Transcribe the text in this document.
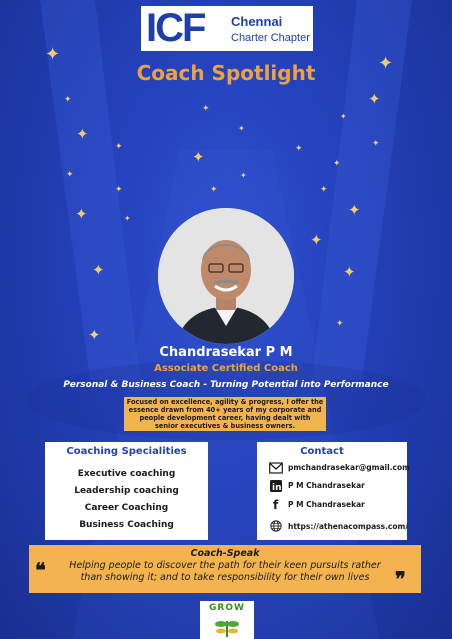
ICF Chennai
Charter Chapter
Coach Spotlight
✦	✦
✦	✦
✦
✦	✦
✦
✦	✦
✦	✦
✦
✦
✦
✦	✦
✦
✦	✦
✦
✦
✦	✦
✦
✦
Chandrasekar P M
Associate Certified Coach
Personal & Business Coach - Turning Potential into Performance
Focused on excellence, agility & progress, I offer the
essence drawn from 40+ years of my corporate and
people development career, having dealt with
senior executives & business owners.
Coaching Specialities
Executive coaching
Leadership coaching
Career Coaching
Business Coaching
Contact
pmchandrasekar@gmail.com
in P M Chandrasekar
f P M Chandrasekar
https://athenacompass.com/
Coach-Speak
❝	Helping people to discover the path for their keen pursuits rather
than showing it; and to take responsibility for their own lives	❞
GROW
